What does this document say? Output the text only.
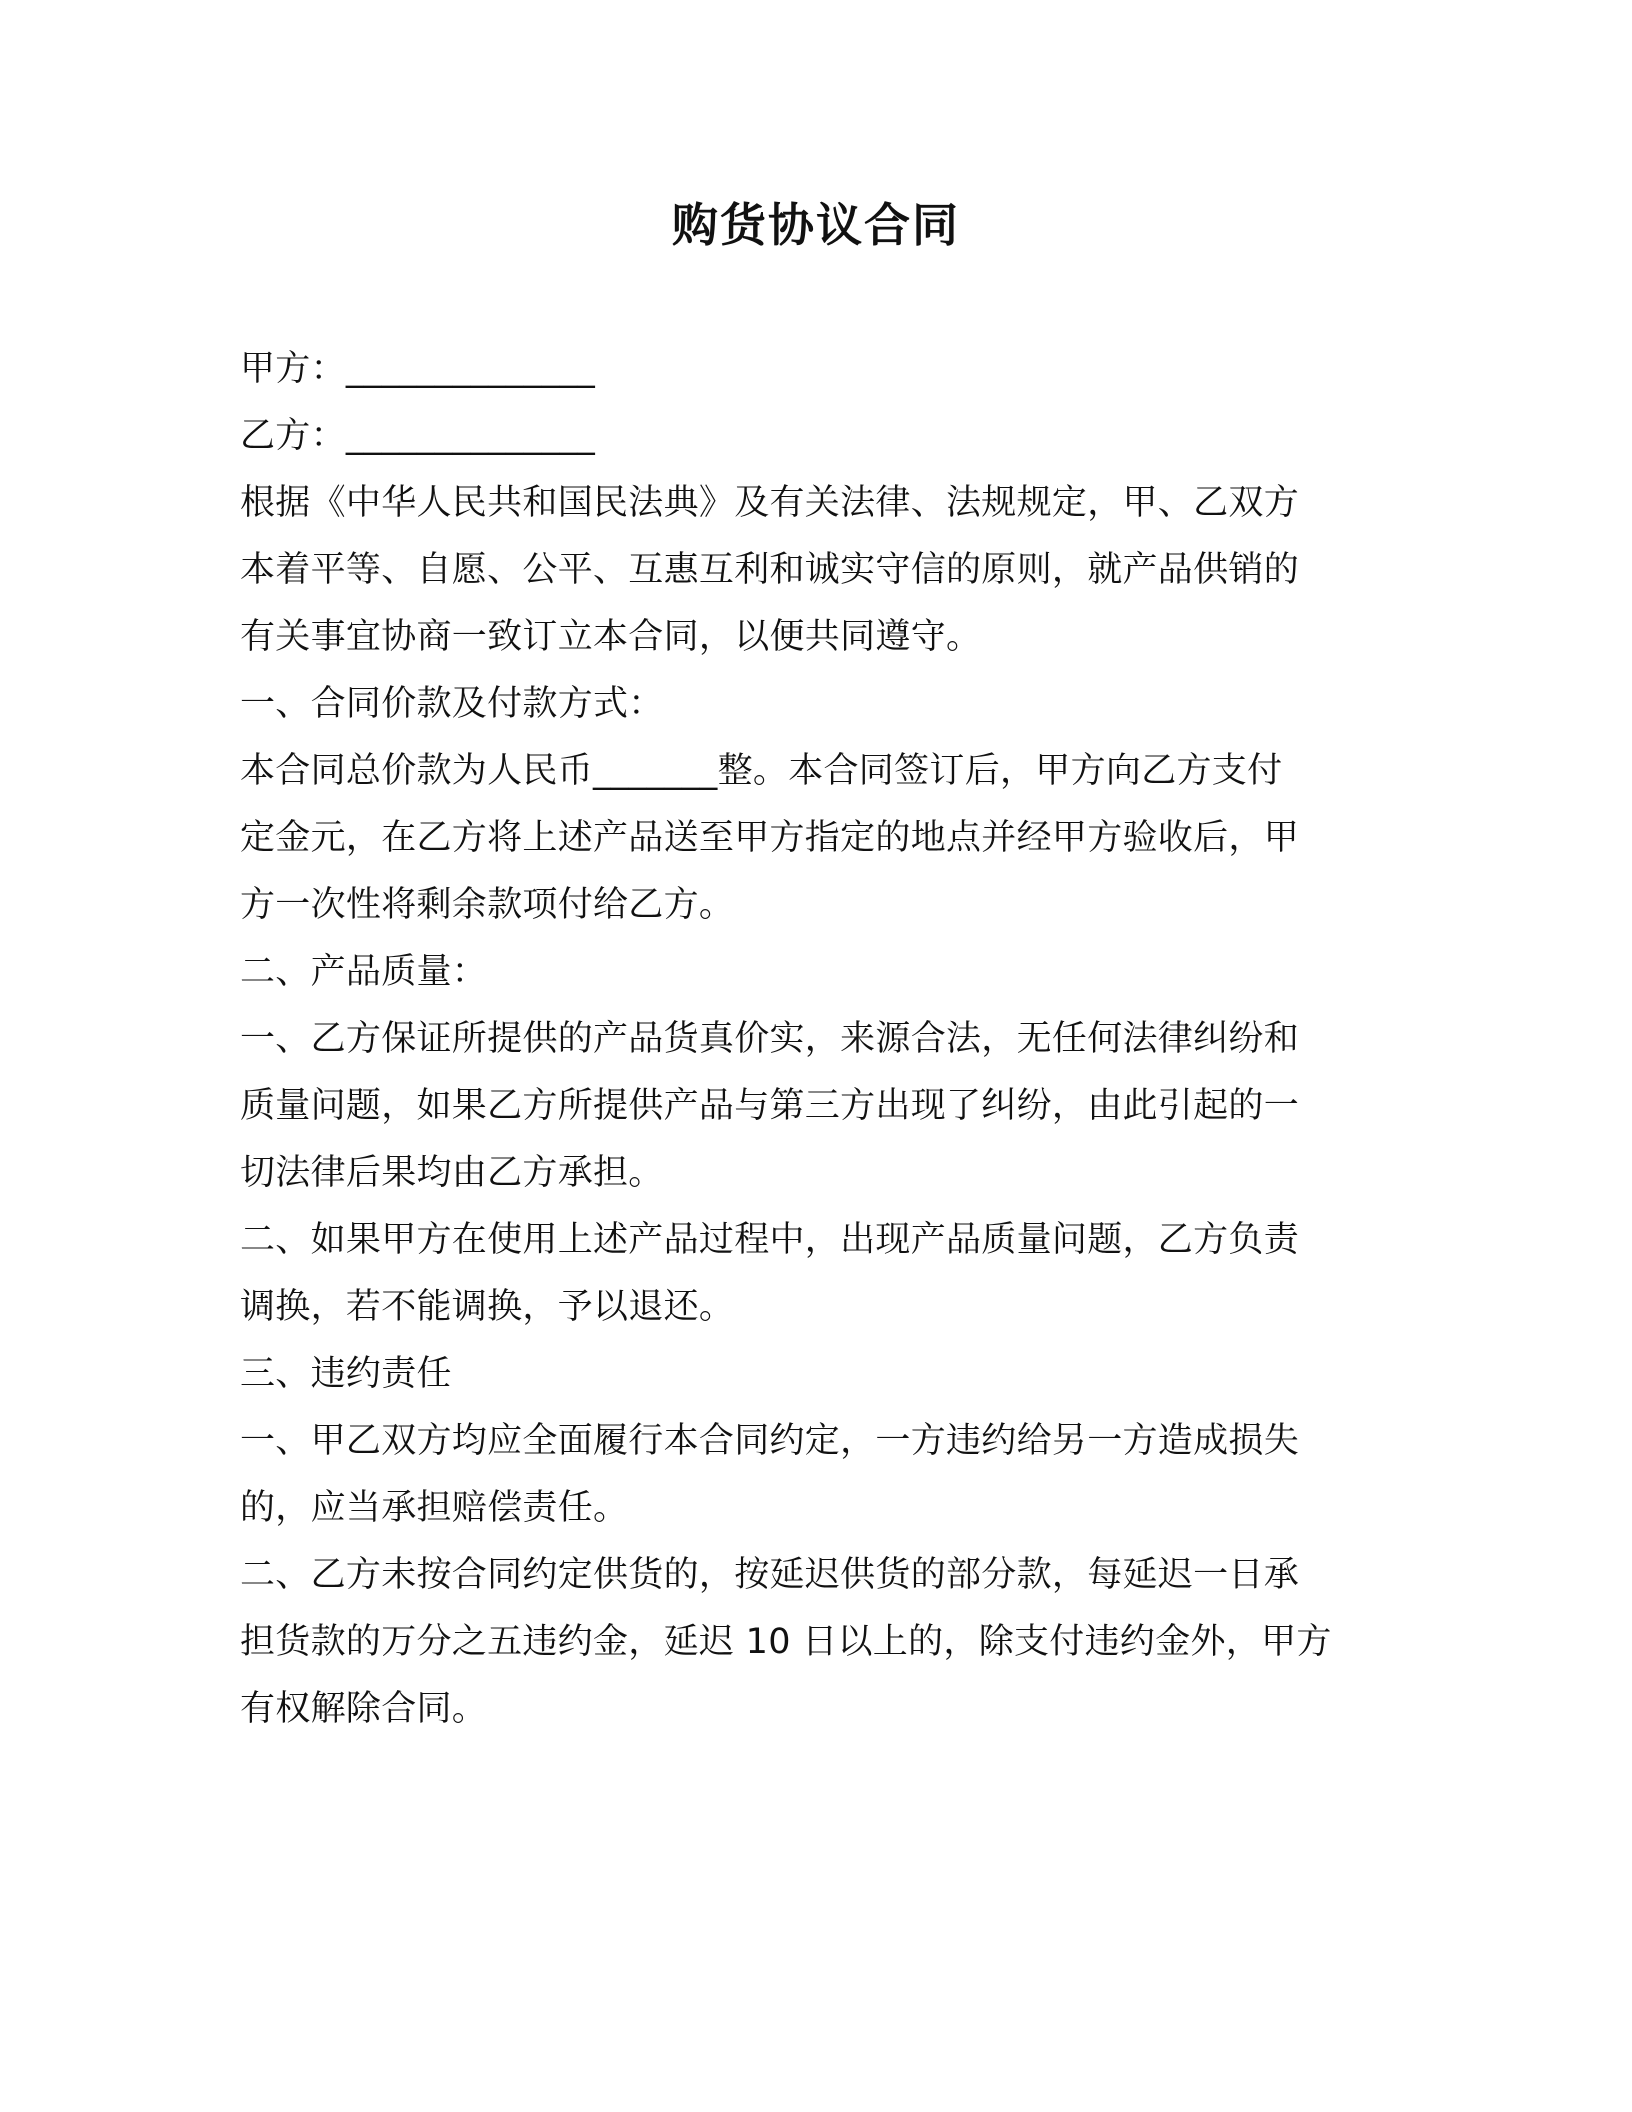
购货协议合同
甲方：______________
乙方：______________
根据《中华人民共和国民法典》及有关法律、法规规定，甲、乙双方
本着平等、自愿、公平、互惠互利和诚实守信的原则，就产品供销的
有关事宜协商一致订立本合同，以便共同遵守。
一、合同价款及付款方式：
本合同总价款为人民币_______整。本合同签订后，甲方向乙方支付
定金元，在乙方将上述产品送至甲方指定的地点并经甲方验收后，甲
方一次性将剩余款项付给乙方。
二、产品质量：
一、乙方保证所提供的产品货真价实，来源合法，无任何法律纠纷和
质量问题，如果乙方所提供产品与第三方出现了纠纷，由此引起的一
切法律后果均由乙方承担。
二、如果甲方在使用上述产品过程中，出现产品质量问题，乙方负责
调换，若不能调换，予以退还。
三、违约责任
一、甲乙双方均应全面履行本合同约定，一方违约给另一方造成损失
的，应当承担赔偿责任。
二、乙方未按合同约定供货的，按延迟供货的部分款，每延迟一日承
担货款的万分之五违约金，延迟 10 日以上的，除支付违约金外，甲方
有权解除合同。
